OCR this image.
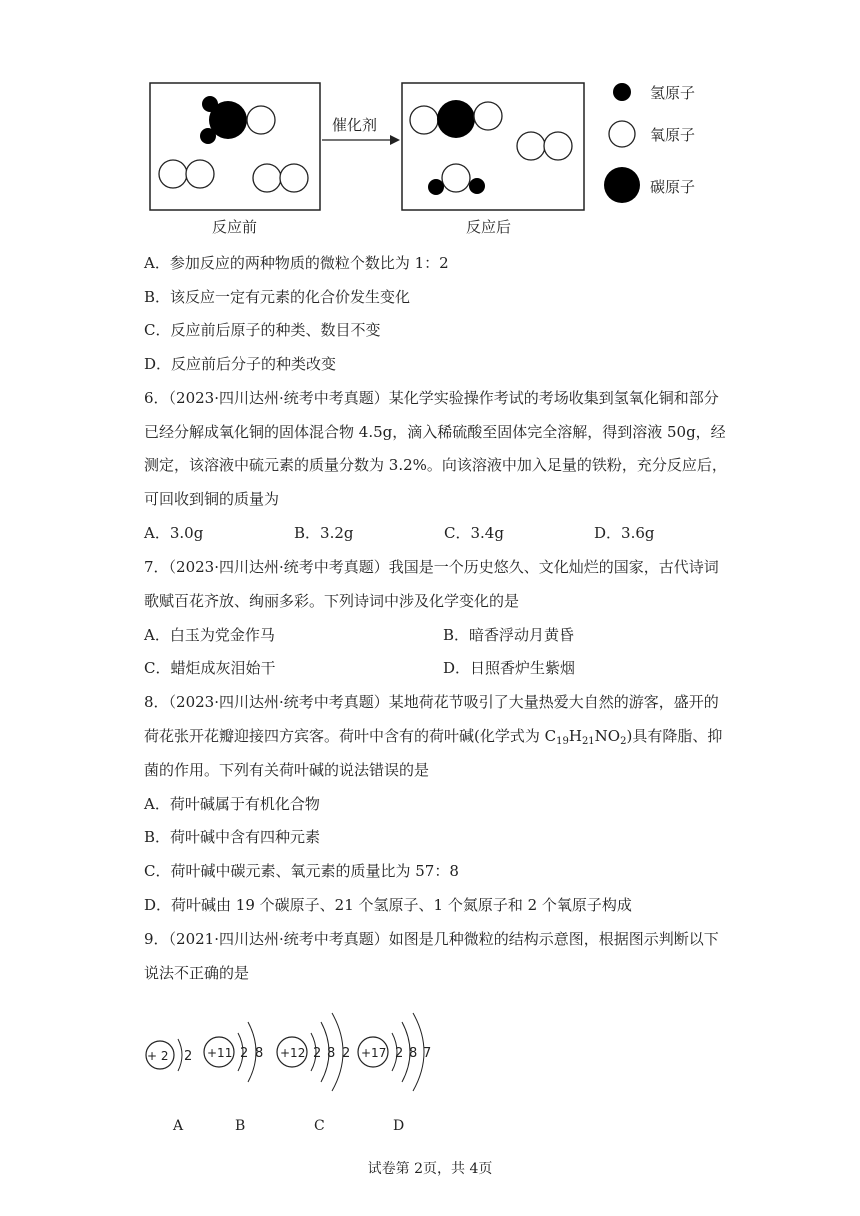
催化剂
氢原子
氧原子
碳原子
反应前	反应后
A．参加反应的两种物质的微粒个数比为 1：2
B．该反应一定有元素的化合价发生变化
C．反应前后原子的种类、数目不变
D．反应前后分子的种类改变
6．（2023·四川达州·统考中考真题）某化学实验操作考试的考场收集到氢氧化铜和部分
已经分解成氧化铜的固体混合物 4.5g，滴入稀硫酸至固体完全溶解，得到溶液 50g，经
测定，该溶液中硫元素的质量分数为 3.2%。向该溶液中加入足量的铁粉，充分反应后，
可回收到铜的质量为
A．3.0g	B．3.2g	C．3.4g	D．3.6g
7．（2023·四川达州·统考中考真题）我国是一个历史悠久、文化灿烂的国家，古代诗词
歌赋百花齐放、绚丽多彩。下列诗词中涉及化学变化的是
A．白玉为党金作马	B．暗香浮动月黄昏
C．蜡炬成灰泪始干	D．日照香炉生紫烟
8．（2023·四川达州·统考中考真题）某地荷花节吸引了大量热爱大自然的游客，盛开的
荷花张开花瓣迎接四方宾客。荷叶中含有的荷叶碱(化学式为 $C_{19}H_{21}NO_2$)具有降脂、抑
菌的作用。下列有关荷叶碱的说法错误的是
A．荷叶碱属于有机化合物
B．荷叶碱中含有四种元素
C．荷叶碱中碳元素、氧元素的质量比为 57：8
D．荷叶碱由 19 个碳原子、21 个氢原子、1 个氮原子和 2 个氧原子构成
9．（2021·四川达州·统考中考真题）如图是几种微粒的结构示意图，根据图示判断以下
说法不正确的是
+ 2 2
A
+11 2 8
B
+12 2 8 2
C
+17 2 8 7
D
试卷第 2页，共 4页
